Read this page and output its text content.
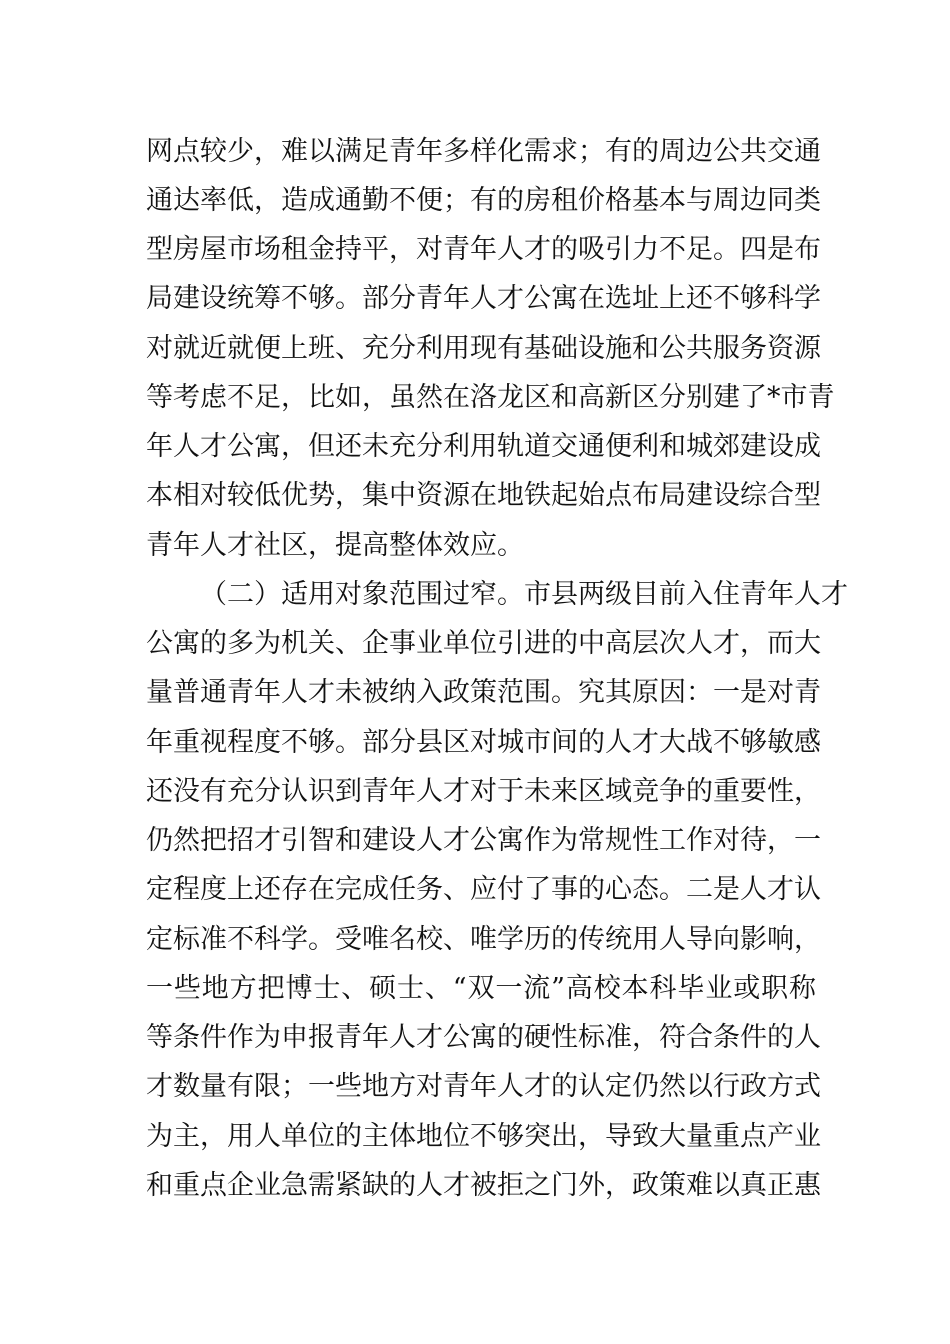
网点较少，难以满足青年多样化需求；有的周边公共交通
通达率低，造成通勤不便；有的房租价格基本与周边同类
型房屋市场租金持平，对青年人才的吸引力不足。四是布
局建设统筹不够。部分青年人才公寓在选址上还不够科学
对就近就便上班、充分利用现有基础设施和公共服务资源
等考虑不足，比如，虽然在洛龙区和高新区分别建了*市青
年人才公寓，但还未充分利用轨道交通便利和城郊建设成
本相对较低优势，集中资源在地铁起始点布局建设综合型
青年人才社区，提高整体效应。
（二）适用对象范围过窄。市县两级目前入住青年人才
公寓的多为机关、企事业单位引进的中高层次人才，而大
量普通青年人才未被纳入政策范围。究其原因：一是对青
年重视程度不够。部分县区对城市间的人才大战不够敏感
还没有充分认识到青年人才对于未来区域竞争的重要性，
仍然把招才引智和建设人才公寓作为常规性工作对待，一
定程度上还存在完成任务、应付了事的心态。二是人才认
定标准不科学。受唯名校、唯学历的传统用人导向影响，
一些地方把博士、硕士、“双一流”高校本科毕业或职称
等条件作为申报青年人才公寓的硬性标准，符合条件的人
才数量有限；一些地方对青年人才的认定仍然以行政方式
为主，用人单位的主体地位不够突出，导致大量重点产业
和重点企业急需紧缺的人才被拒之门外，政策难以真正惠
